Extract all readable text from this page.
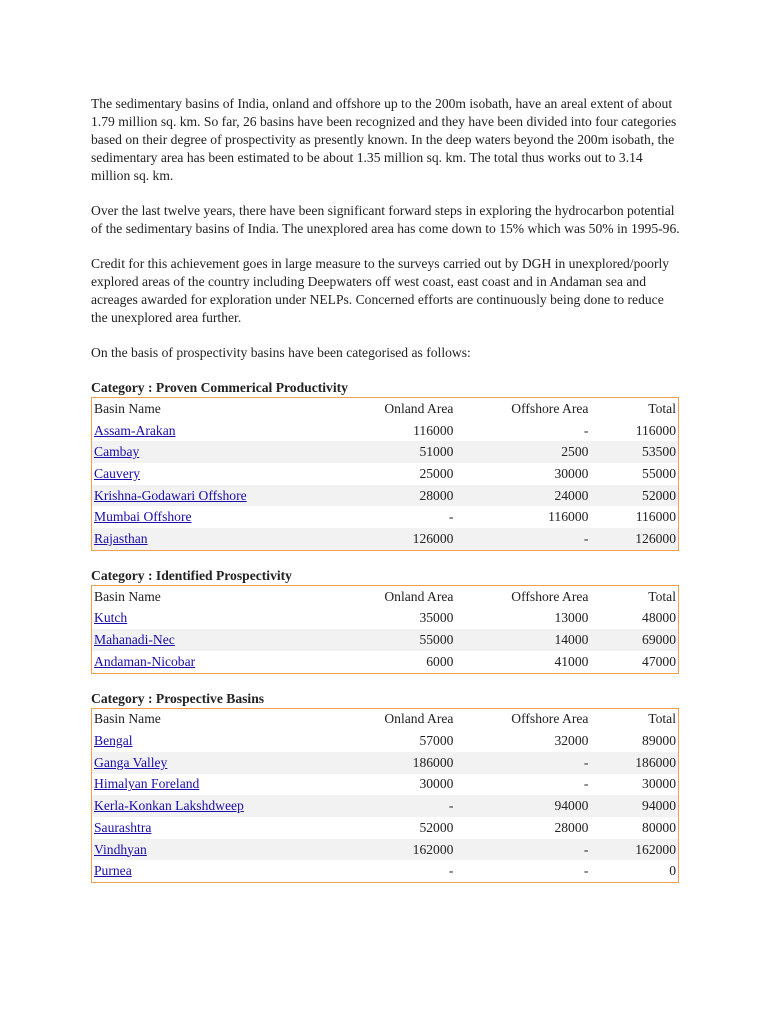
The sedimentary basins of India, onland and offshore up to the 200m isobath, have an areal extent of about 1.79 million sq. km. So far, 26 basins have been recognized and they have been divided into four categories based on their degree of prospectivity as presently known. In the deep waters beyond the 200m isobath, the sedimentary area has been estimated to be about 1.35 million sq. km. The total thus works out to 3.14 million sq. km.

Over the last twelve years, there have been significant forward steps in exploring the hydrocarbon potential of the sedimentary basins of India. The unexplored area has come down to 15% which was 50% in 1995-96.

Credit for this achievement goes in large measure to the surveys carried out by DGH in unexplored/poorly explored areas of the country including Deepwaters off west coast, east coast and in Andaman sea and acreages awarded for exploration under NELPs. Concerned efforts are continuously being done to reduce the unexplored area further.

On the basis of prospectivity basins have been categorised as follows:

Category : Proven Commerical Productivity
Basin Name	Onland Area	Offshore Area	Total
Assam-Arakan	116000	-	116000
Cambay	51000	2500	53500
Cauvery	25000	30000	55000
Krishna-Godawari Offshore	28000	24000	52000
Mumbai Offshore	-	116000	116000
Rajasthan	126000	-	126000
Category : Identified Prospectivity
Basin Name	Onland Area	Offshore Area	Total
Kutch	35000	13000	48000
Mahanadi-Nec	55000	14000	69000
Andaman-Nicobar	6000	41000	47000
Category : Prospective Basins
Basin Name	Onland Area	Offshore Area	Total
Bengal	57000	32000	89000
Ganga Valley	186000	-	186000
Himalyan Foreland	30000	-	30000
Kerla-Konkan Lakshdweep	-	94000	94000
Saurashtra	52000	28000	80000
Vindhyan	162000	-	162000
Purnea	-	-	0
